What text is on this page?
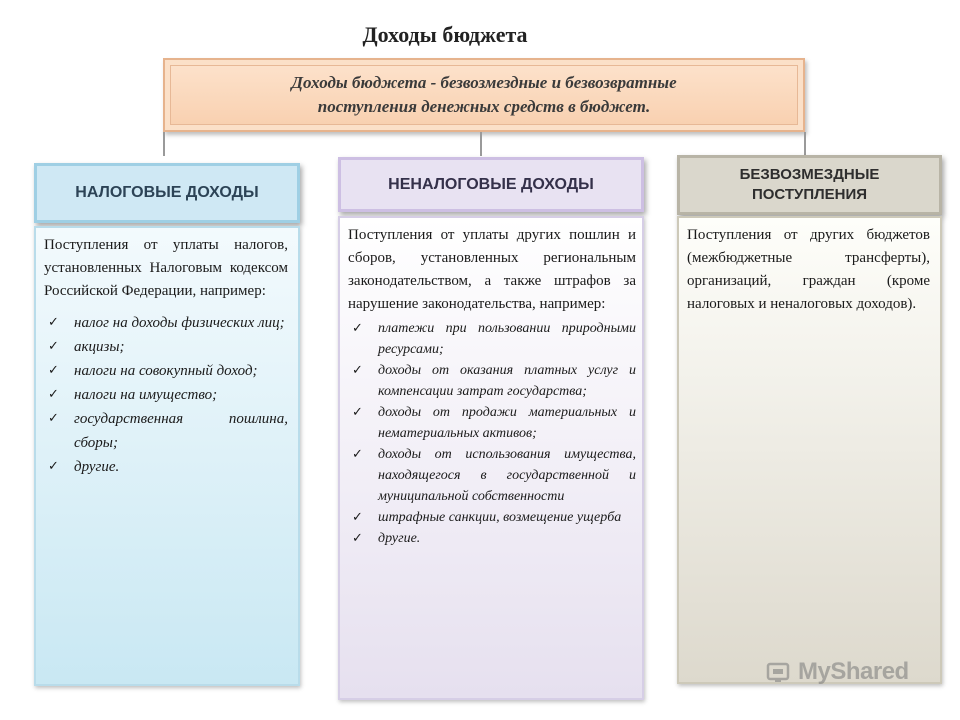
Доходы бюджета
Доходы бюджета - безвозмездные и безвозвратные
поступления денежных средств в бюджет.
НАЛОГОВЫЕ ДОХОДЫ

Поступления от уплаты налогов, установленных Налоговым кодексом Российской Федерации, например:

✓ налог на доходы физических лиц;
✓ акцизы;
✓ налоги на совокупный доход;
✓ налоги на имущество;
✓ государственная пошлина, сборы;
✓ другие.
НЕНАЛОГОВЫЕ ДОХОДЫ

Поступления от уплаты других пошлин и сборов, установленных региональным законодательством, а также штрафов за нарушение законодательства, например:

✓ платежи при пользовании природными ресурсами;
✓ доходы от оказания платных услуг и компенсации затрат государства;
✓ доходы от продажи материальных и нематериальных активов;
✓ доходы от использования имущества, находящегося в государственной и муниципальной собственности
✓ штрафные санкции, возмещение ущерба
✓ другие.
БЕЗВОЗМЕЗДНЫЕ
ПОСТУПЛЕНИЯ

Поступления от других бюджетов (межбюджетные трансферты), организаций, граждан (кроме налоговых и неналоговых доходов).

MyShared
